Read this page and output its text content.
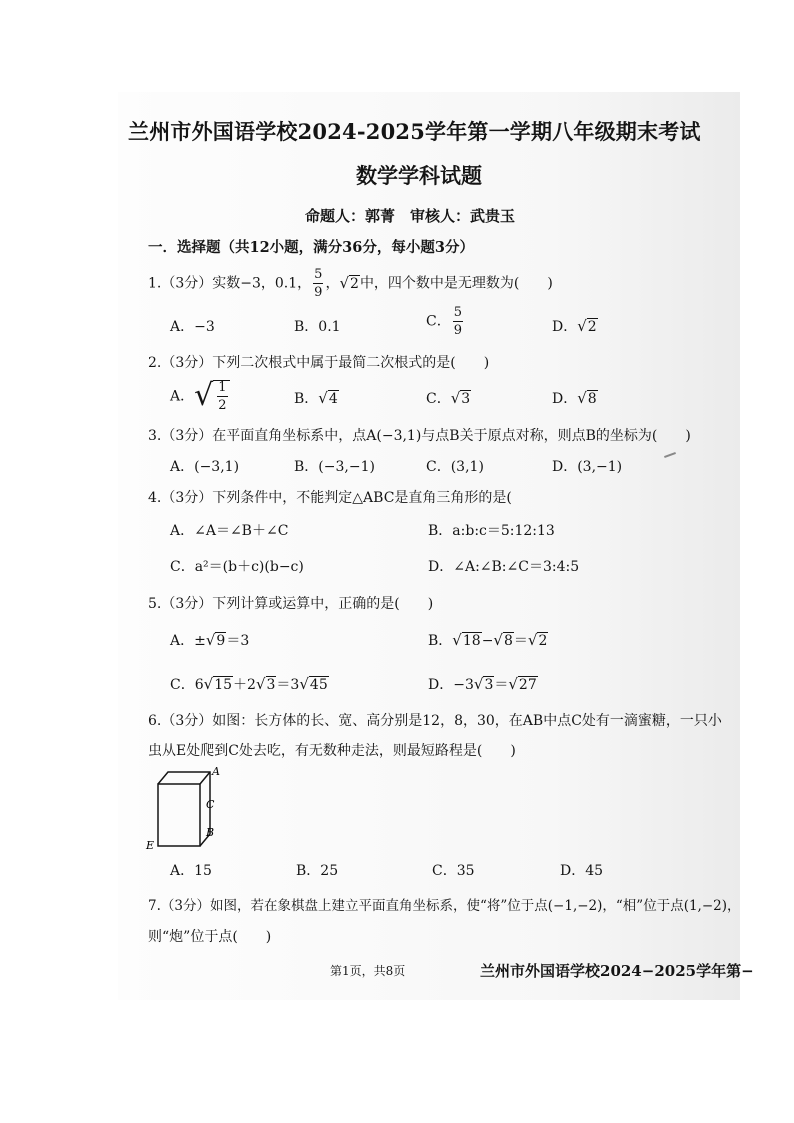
兰州市外国语学校2024-2025学年第一学期八年级期末考试
数学学科试题
命题人：郭菁　审核人：武贵玉
一．选择题（共12小题，满分36分，每小题3分）
1.（3分）实数−3，0.1， $\frac{5}{9}$ ，√2中，四个数中是无理数为(　　)
A．−3	B．0.1	C． $\frac{5}{9}$	D．√2
2.（3分）下列二次根式中属于最简二次根式的是(　　)
A．√ $\frac{1}{2}$	B．√4	C．√3	D．√8
3.（3分）在平面直角坐标系中，点A(−3,1)与点B关于原点对称，则点B的坐标为(　　)
A．(−3,1)	B．(−3,−1)	C．(3,1)	D．(3,−1)
4.（3分）下列条件中，不能判定△ABC是直角三角形的是(
A．∠A＝∠B＋∠C	B．a:b:c＝5:12:13
C．a²＝(b＋c)(b−c)	D．∠A:∠B:∠C＝3:4:5
5.（3分）下列计算或运算中，正确的是(　　)
A．±√9＝3	B．√18−√8＝√2
C．6√15＋2√3＝3√45	D．−3√3＝√27
6.（3分）如图：长方体的长、宽、高分别是12，8，30，在AB中点C处有一滴蜜糖，一只小
虫从E处爬到C处去吃，有无数种走法，则最短路程是(　　)
A
C
B
E
A．15	B．25	C．35	D．45
7.（3分）如图，若在象棋盘上建立平面直角坐标系，使“将”位于点(−1,−2)，“相”位于点(1,−2)，
则“炮”位于点(　　)
第1页，共8页	兰州市外国语学校2024−2025学年第−
